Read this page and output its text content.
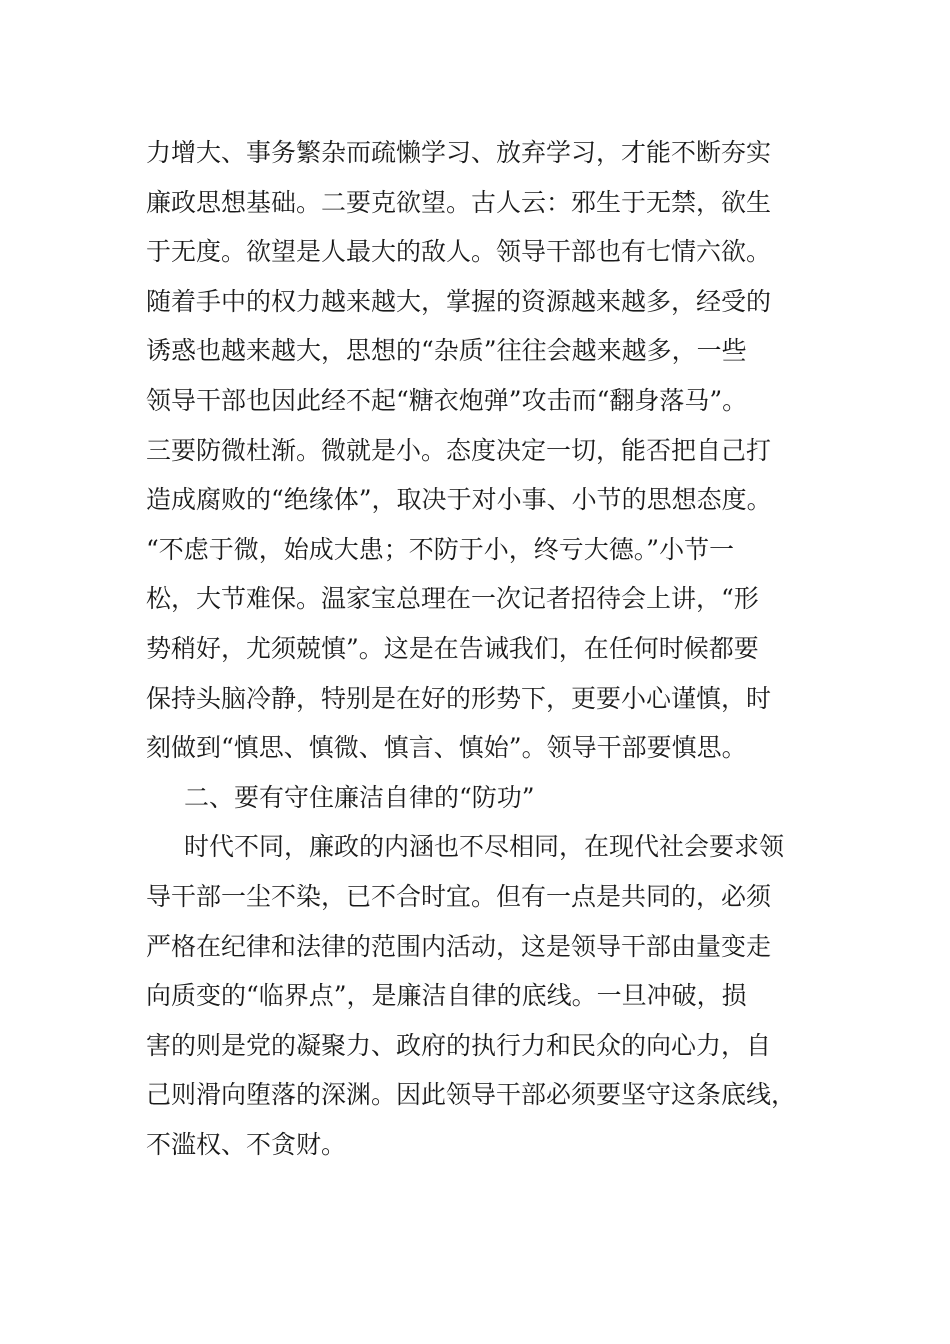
力增大、事务繁杂而疏懒学习、放弃学习，才能不断夯实
廉政思想基础。二要克欲望。古人云：邪生于无禁，欲生
于无度。欲望是人最大的敌人。领导干部也有七情六欲。
随着手中的权力越来越大，掌握的资源越来越多，经受的
诱惑也越来越大，思想的“杂质”往往会越来越多，一些
领导干部也因此经不起“糖衣炮弹”攻击而“翻身落马”。
三要防微杜渐。微就是小。态度决定一切，能否把自己打
造成腐败的“绝缘体”，取决于对小事、小节的思想态度。
“不虑于微，始成大患；不防于小，终亏大德。”小节一
松，大节难保。温家宝总理在一次记者招待会上讲，“形
势稍好，尤须兢慎”。这是在告诫我们，在任何时候都要
保持头脑冷静，特别是在好的形势下，更要小心谨慎，时
刻做到“慎思、慎微、慎言、慎始”。领导干部要慎思。
二、要有守住廉洁自律的“防功”
时代不同，廉政的内涵也不尽相同，在现代社会要求领
导干部一尘不染，已不合时宜。但有一点是共同的，必须
严格在纪律和法律的范围内活动，这是领导干部由量变走
向质变的“临界点”，是廉洁自律的底线。一旦冲破，损
害的则是党的凝聚力、政府的执行力和民众的向心力，自
己则滑向堕落的深渊。因此领导干部必须要坚守这条底线，
不滥权、不贪财。
